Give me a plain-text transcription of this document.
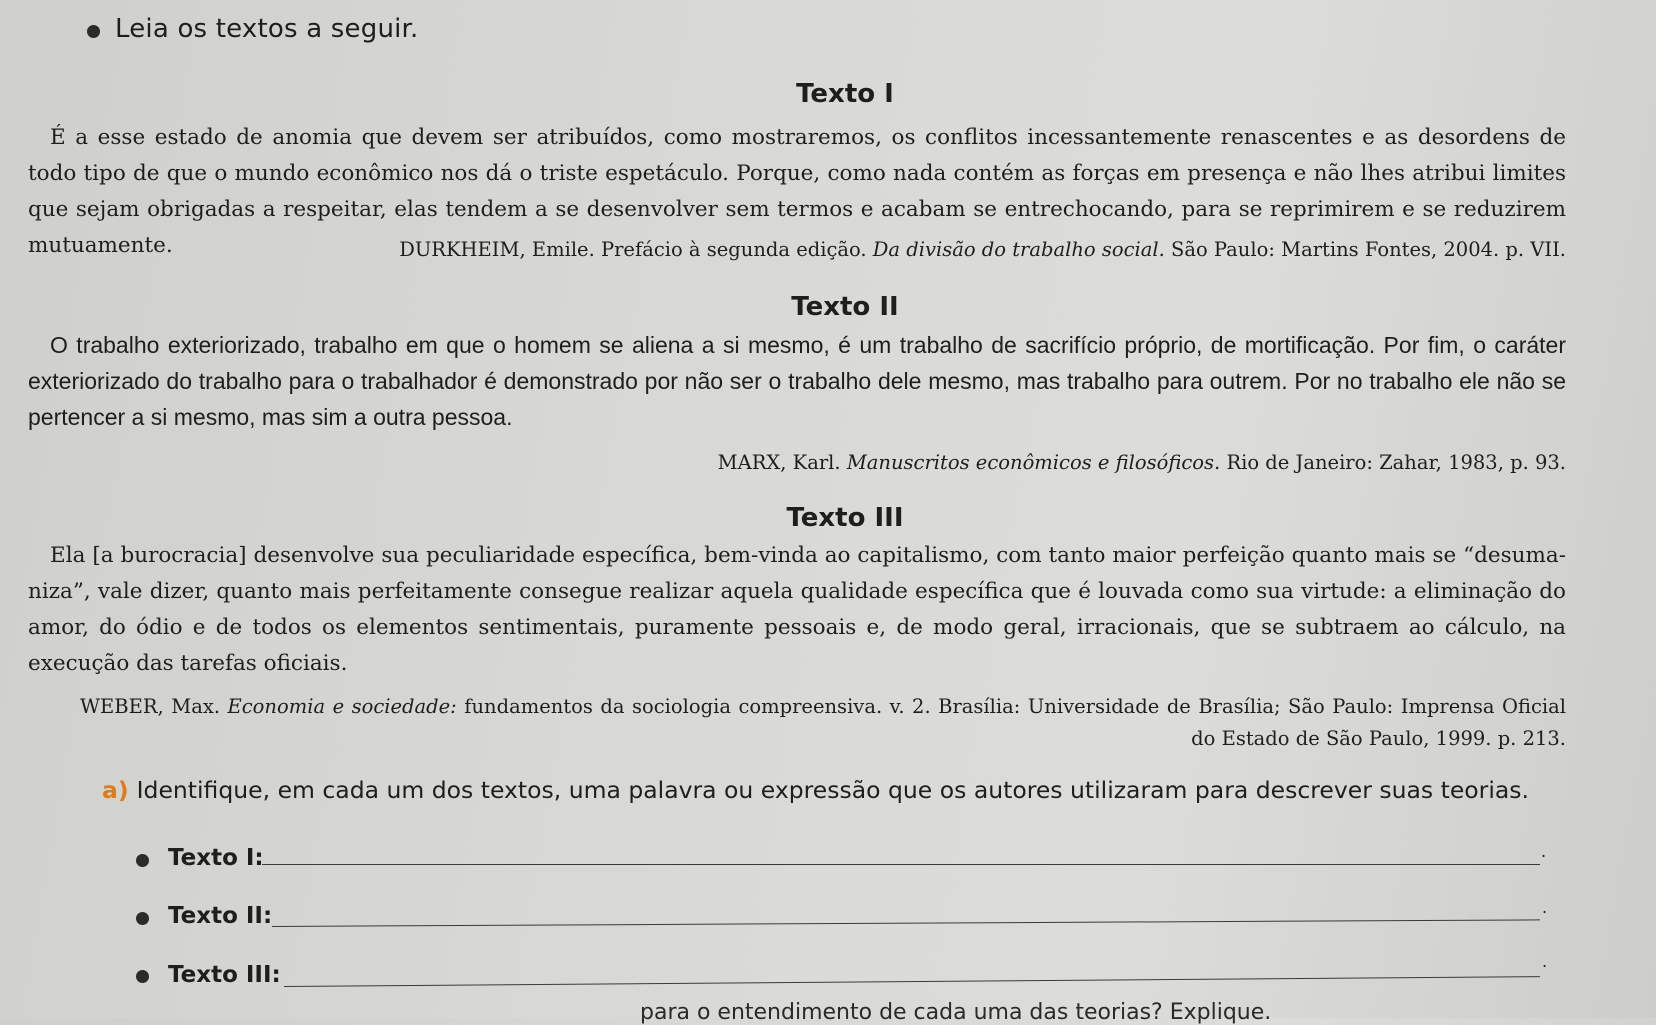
Leia os textos a seguir.
Texto I
É a esse estado de anomia que devem ser atribuídos, como mostraremos, os conflitos incessantemente renascentes e as desordens de todo tipo de que o mundo econômico nos dá o triste espetáculo. Porque, como nada contém as forças em presença e não lhes atribui limites que sejam obrigadas a respeitar, elas tendem a se desenvolver sem termos e acabam se entrechocando, para se reprimirem e se reduzirem mutuamente.	DURKHEIM, Emile. Prefácio à segunda edição. Da divisão do trabalho social. São Paulo: Martins Fontes, 2004. p. VII.
Texto II
O trabalho exteriorizado, trabalho em que o homem se aliena a si mesmo, é um trabalho de sacrifício próprio, de mortificação. Por fim, o caráter exteriorizado do trabalho para o trabalhador é demonstrado por não ser o trabalho dele mesmo, mas trabalho para outrem. Por no trabalho ele não se pertencer a si mesmo, mas sim a outra pessoa.
MARX, Karl. Manuscritos econômicos e filosóficos. Rio de Janeiro: Zahar, 1983, p. 93.
Texto III
Ela [a burocracia] desenvolve sua peculiaridade específica, bem-vinda ao capitalismo, com tanto maior perfeição quanto mais se “desuma-niza”, vale dizer, quanto mais perfeitamente consegue realizar aquela qualidade específica que é louvada como sua virtude: a eliminação do amor, do ódio e de todos os elementos sentimentais, puramente pessoais e, de modo geral, irracionais, que se subtraem ao cálculo, na execução das tarefas oficiais.
WEBER, Max. Economia e sociedade: fundamentos da sociologia compreensiva. v. 2. Brasília: Universidade de Brasília; São Paulo: Imprensa Oficial do Estado de São Paulo, 1999. p. 213.
a) Identifique, em cada um dos textos, uma palavra ou expressão que os autores utilizaram para descrever suas teorias.
Texto I:	.
Texto II:	.
Texto III:
.
para o entendimento de cada uma das teorias? Explique.
